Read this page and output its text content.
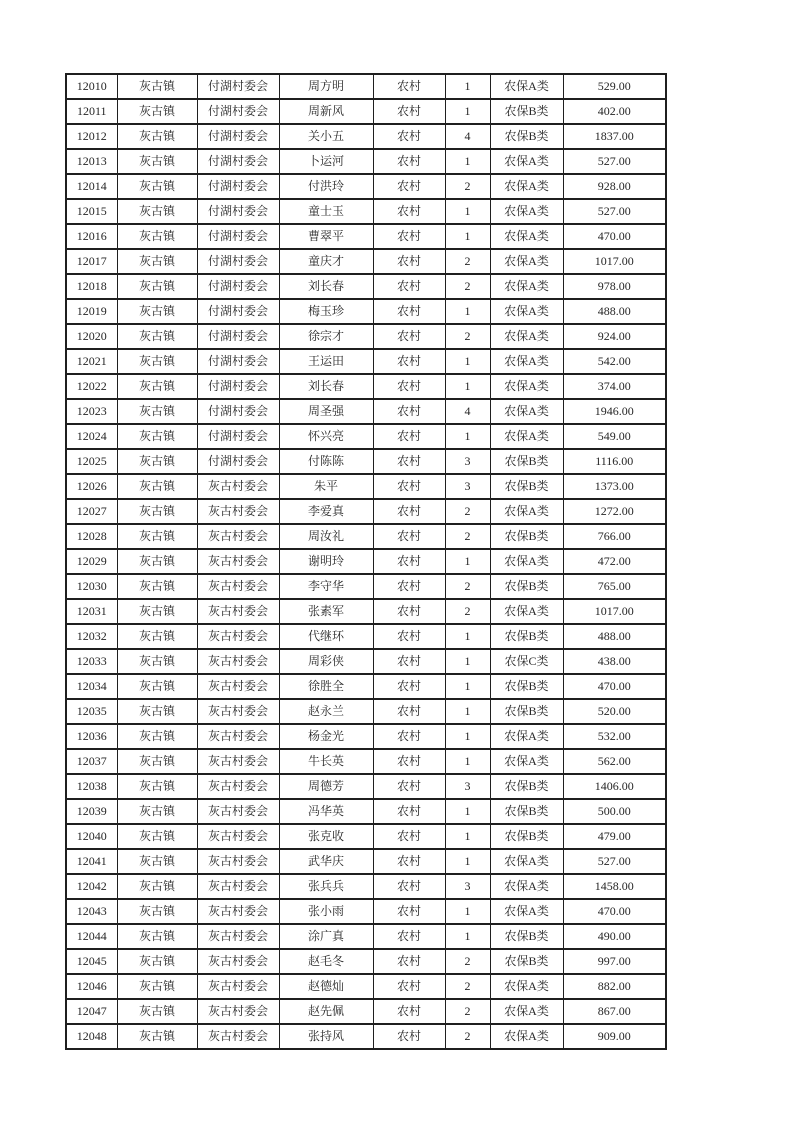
12010	灰古镇	付湖村委会	周方明	农村	1	农保A类	529.00
12011	灰古镇	付湖村委会	周新风	农村	1	农保B类	402.00
12012	灰古镇	付湖村委会	关小五	农村	4	农保B类	1837.00
12013	灰古镇	付湖村委会	卜运河	农村	1	农保A类	527.00
12014	灰古镇	付湖村委会	付洪玲	农村	2	农保A类	928.00
12015	灰古镇	付湖村委会	童士玉	农村	1	农保A类	527.00
12016	灰古镇	付湖村委会	曹翠平	农村	1	农保A类	470.00
12017	灰古镇	付湖村委会	童庆才	农村	2	农保A类	1017.00
12018	灰古镇	付湖村委会	刘长春	农村	2	农保A类	978.00
12019	灰古镇	付湖村委会	梅玉珍	农村	1	农保A类	488.00
12020	灰古镇	付湖村委会	徐宗才	农村	2	农保A类	924.00
12021	灰古镇	付湖村委会	王运田	农村	1	农保A类	542.00
12022	灰古镇	付湖村委会	刘长春	农村	1	农保A类	374.00
12023	灰古镇	付湖村委会	周圣强	农村	4	农保A类	1946.00
12024	灰古镇	付湖村委会	怀兴亮	农村	1	农保A类	549.00
12025	灰古镇	付湖村委会	付陈陈	农村	3	农保B类	1116.00
12026	灰古镇	灰古村委会	朱平	农村	3	农保B类	1373.00
12027	灰古镇	灰古村委会	李爱真	农村	2	农保A类	1272.00
12028	灰古镇	灰古村委会	周汝礼	农村	2	农保B类	766.00
12029	灰古镇	灰古村委会	谢明玲	农村	1	农保A类	472.00
12030	灰古镇	灰古村委会	李守华	农村	2	农保B类	765.00
12031	灰古镇	灰古村委会	张素军	农村	2	农保A类	1017.00
12032	灰古镇	灰古村委会	代继环	农村	1	农保B类	488.00
12033	灰古镇	灰古村委会	周彩侠	农村	1	农保C类	438.00
12034	灰古镇	灰古村委会	徐胜全	农村	1	农保B类	470.00
12035	灰古镇	灰古村委会	赵永兰	农村	1	农保B类	520.00
12036	灰古镇	灰古村委会	杨金光	农村	1	农保A类	532.00
12037	灰古镇	灰古村委会	牛长英	农村	1	农保A类	562.00
12038	灰古镇	灰古村委会	周德芳	农村	3	农保B类	1406.00
12039	灰古镇	灰古村委会	冯华英	农村	1	农保B类	500.00
12040	灰古镇	灰古村委会	张克收	农村	1	农保B类	479.00
12041	灰古镇	灰古村委会	武华庆	农村	1	农保A类	527.00
12042	灰古镇	灰古村委会	张兵兵	农村	3	农保A类	1458.00
12043	灰古镇	灰古村委会	张小雨	农村	1	农保A类	470.00
12044	灰古镇	灰古村委会	涂广真	农村	1	农保B类	490.00
12045	灰古镇	灰古村委会	赵毛冬	农村	2	农保B类	997.00
12046	灰古镇	灰古村委会	赵德灿	农村	2	农保A类	882.00
12047	灰古镇	灰古村委会	赵先佩	农村	2	农保A类	867.00
12048	灰古镇	灰古村委会	张持风	农村	2	农保A类	909.00
